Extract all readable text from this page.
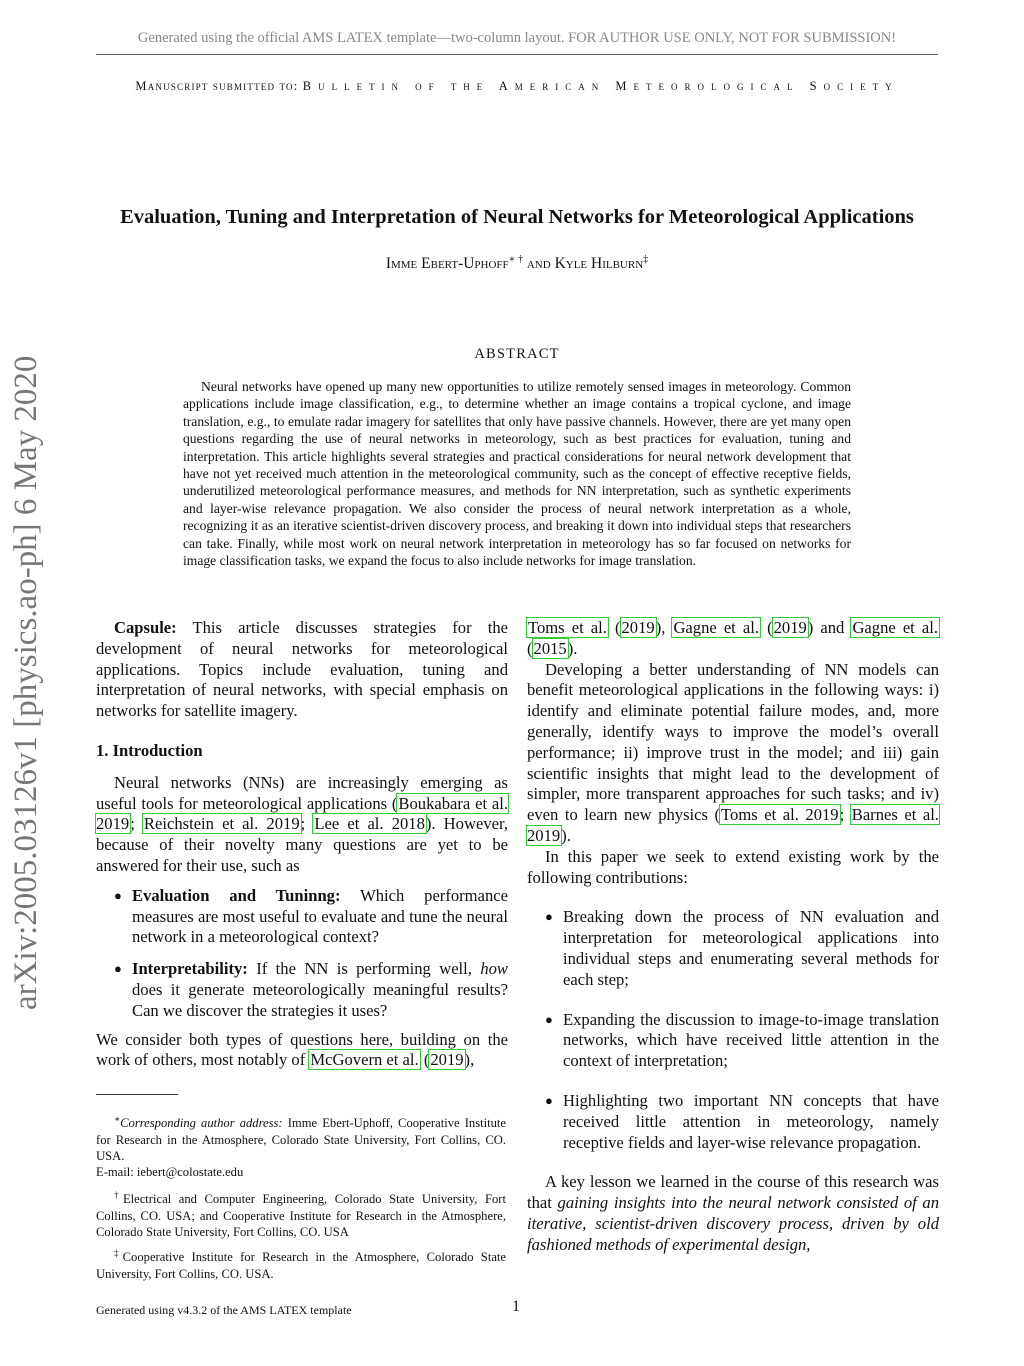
Generated using the official AMS LATEX template—two-column layout. FOR AUTHOR USE ONLY, NOT FOR SUBMISSION!
Manuscript submitted to: Bulletin of the American Meteorological Society
Evaluation, Tuning and Interpretation of Neural Networks for Meteorological Applications
Imme Ebert-Uphoff∗ † and Kyle Hilburn‡
arXiv:2005.03126v1 [physics.ao-ph] 6 May 2020
ABSTRACT

Neural networks have opened up many new opportunities to utilize remotely sensed images in meteorology. Common applications include image classification, e.g., to determine whether an image contains a tropical cyclone, and image translation, e.g., to emulate radar imagery for satellites that only have passive channels. However, there are yet many open questions regarding the use of neural networks in meteorology, such as best practices for evaluation, tuning and interpretation. This article highlights several strategies and practical considerations for neural network development that have not yet received much attention in the meteorological community, such as the concept of effective receptive fields, underutilized meteorological performance measures, and methods for NN interpretation, such as synthetic experiments and layer-wise relevance propagation. We also consider the process of neural network interpretation as a whole, recognizing it as an iterative scientist-driven discovery process, and breaking it down into individual steps that researchers can take. Finally, while most work on neural network interpretation in meteorology has so far focused on networks for image classification tasks, we expand the focus to also include networks for image translation.

Capsule: This article discusses strategies for the development of neural networks for meteorological applications. Topics include evaluation, tuning and interpretation of neural networks, with special emphasis on networks for satellite imagery.

1. Introduction

Neural networks (NNs) are increasingly emerging as useful tools for meteorological applications (Boukabara et al. 2019; Reichstein et al. 2019; Lee et al. 2018). However, because of their novelty many questions are yet to be answered for their use, such as

● Evaluation and Tuninng: Which performance measures are most useful to evaluate and tune the neural network in a meteorological context?

● Interpretability: If the NN is performing well, how does it generate meteorologically meaningful results? Can we discover the strategies it uses?

We consider both types of questions here, building on the work of others, most notably of McGovern et al. (2019),

Toms et al. (2019), Gagne et al. (2019) and Gagne et al. (2015).

Developing a better understanding of NN models can benefit meteorological applications in the following ways: i) identify and eliminate potential failure modes, and, more generally, identify ways to improve the model’s overall performance; ii) improve trust in the model; and iii) gain scientific insights that might lead to the development of simpler, more transparent approaches for such tasks; and iv) even to learn new physics (Toms et al. 2019; Barnes et al. 2019).

In this paper we seek to extend existing work by the following contributions:

● Breaking down the process of NN evaluation and interpretation for meteorological applications into individual steps and enumerating several methods for each step;

● Expanding the discussion to image-to-image translation networks, which have received little attention in the context of interpretation;

● Highlighting two important NN concepts that have received little attention in meteorology, namely receptive fields and layer-wise relevance propagation.

A key lesson we learned in the course of this research was that gaining insights into the neural network consisted of an iterative, scientist-driven discovery process, driven by old fashioned methods of experimental design,

∗Corresponding author address: Imme Ebert-Uphoff, Cooperative Institute for Research in the Atmosphere, Colorado State University, Fort Collins, CO. USA.

E-mail: iebert@colostate.edu

†Electrical and Computer Engineering, Colorado State University, Fort Collins, CO. USA; and Cooperative Institute for Research in the Atmosphere, Colorado State University, Fort Collins, CO. USA

‡Cooperative Institute for Research in the Atmosphere, Colorado State University, Fort Collins, CO. USA.

Generated using v4.3.2 of the AMS LATEX template	1
